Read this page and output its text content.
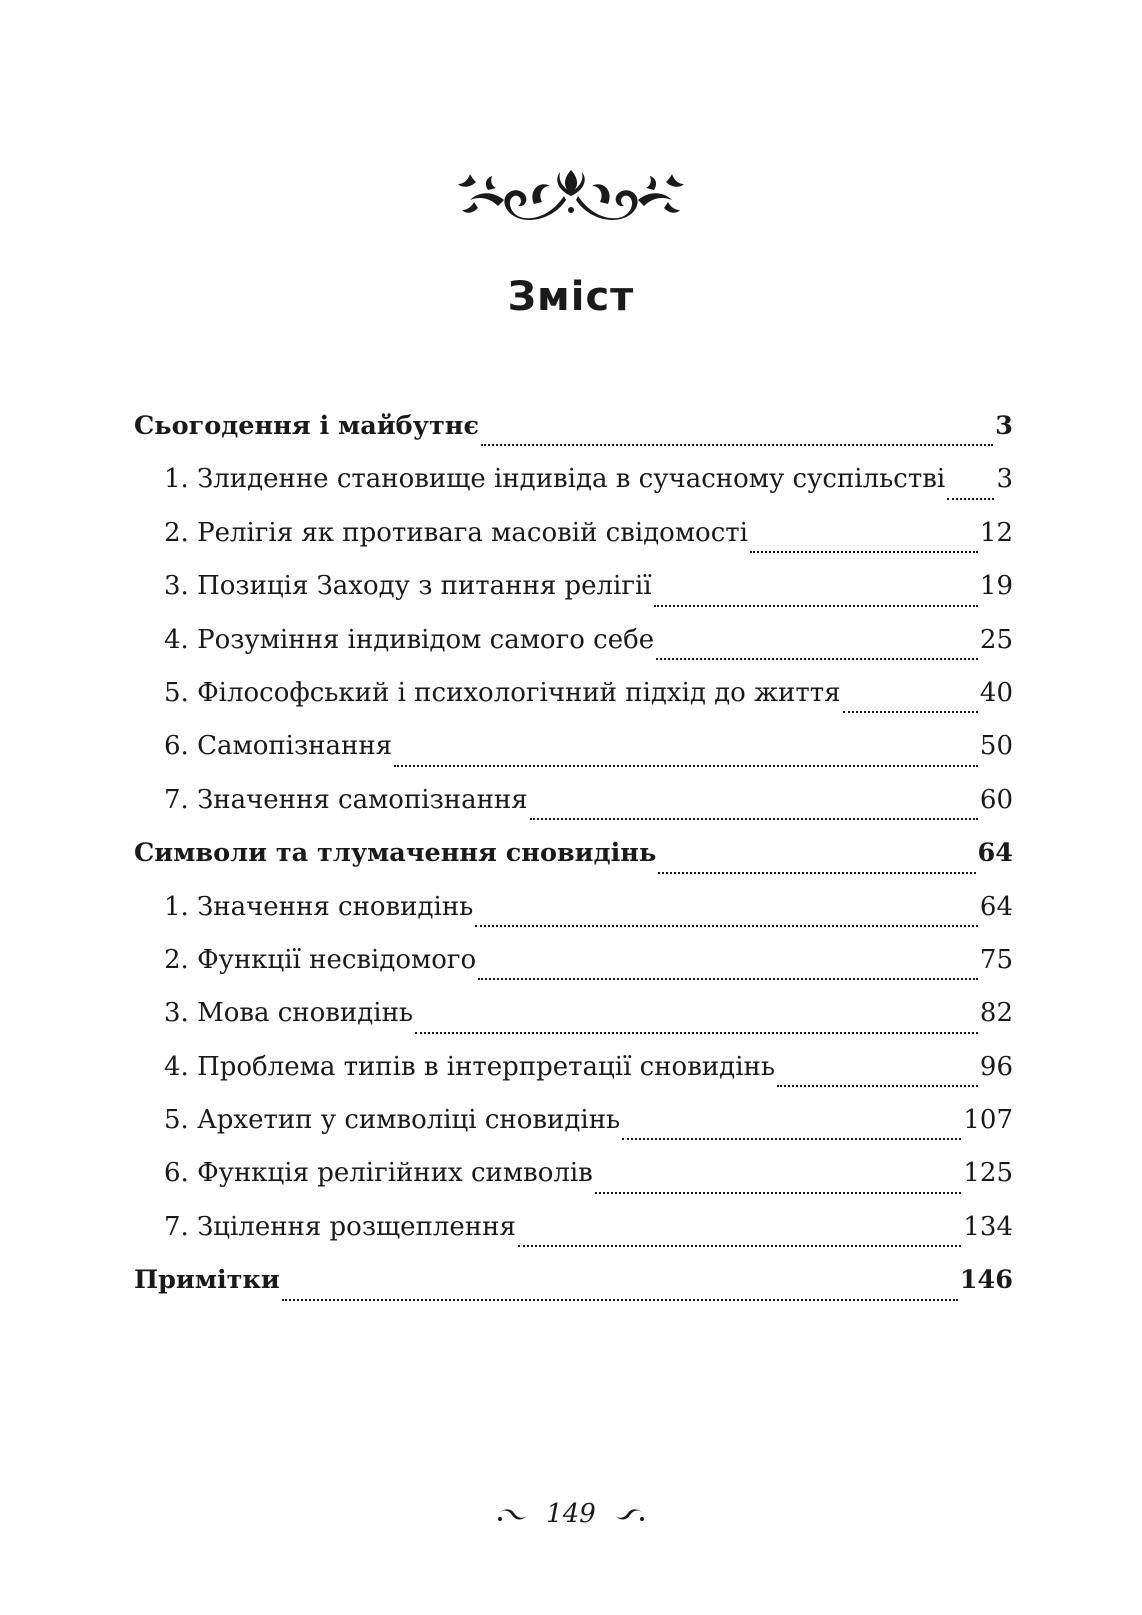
Зміст
Сьогодення і майбутнє	3
1. Злиденне становище індивіда в сучасному суспільстві 3
2. Релігія як противага масовій свідомості	12
3. Позиція Заходу з питання релігії	19
4. Розуміння індивідом самого себе	25
5. Філософський і психологічний підхід до життя	40
6. Самопізнання	50
7. Значення самопізнання	60
Символи та тлумачення сновидінь	64
1. Значення сновидінь	64
2. Функції несвідомого	75
3. Мова сновидінь	82
4. Проблема типів в інтерпретації сновидінь	96
5. Архетип у символіці сновидінь	107
6. Функція релігійних символів	125
7. Зцілення розщеплення	134
Примітки	146
149
